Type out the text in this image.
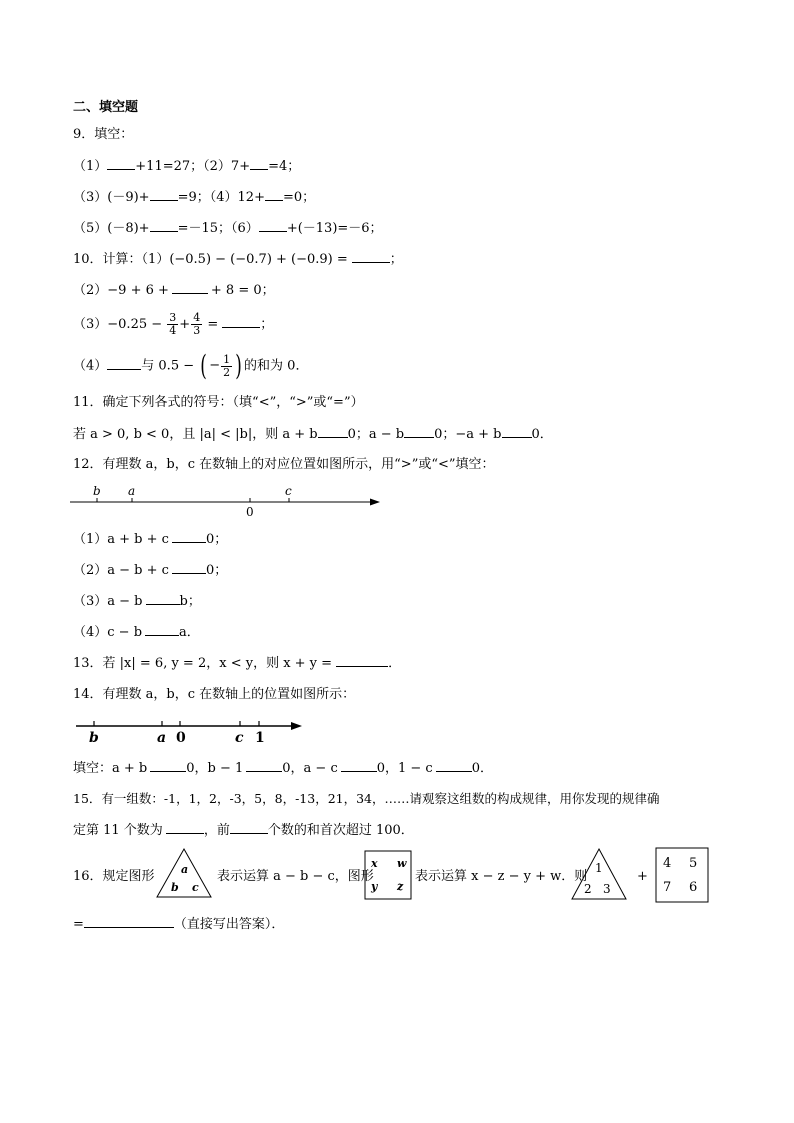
二、填空题
9．填空：
（1） +11=27；（2）7+ =4；
（3）(－9)+ =9；（4）12+ =0；
（5）(－8)+ =－15；（6） +(－13)=－6；
10．计算：（1）(−0.5) − (−0.7) + (−0.9) =	；
（2）−9 + 6 +	+ 8 = 0；
$(3)-0.25 - \frac{3}{4} + \frac{4}{3}$ =	；
（4）	与 0.5 − ( − $\frac{1}{2}$ ) 的和为 0．
11．确定下列各式的符号：（填“<”，“>”或“=”）
若 a > 0, b < 0，且 |a| < |b|，则 a + b 0；a − b 0；−a + b 0．
12．有理数 a，b，c 在数轴上的对应位置如图所示，用“>”或“<”填空：
b a
0
c
（1）a + b + c	0；
（2）a − b + c	0；
（3）a − b	b；
（4）c − b	a．
13．若 |x| = 6, y = 2，x < y，则 x + y =	．
14．有理数 a，b，c 在数轴上的位置如图所示：
b	a 0	c 1
填空：a + b	0，b − 1	0，a − c	0，1 − c	0．
15．有一组数：-1，1，2，-3，5，8，-13，21，34，……请观察这组数的构成规律，用你发现的规律确
定第 11 个数为	，前	个数的和首次超过 100．
16．规定图形 a
b c
表示运算 a − b − c，图形
x w
y z
表示运算 x − z − y + w．则
1
2 3
+
4 5
7 6
=	（直接写出答案）．
